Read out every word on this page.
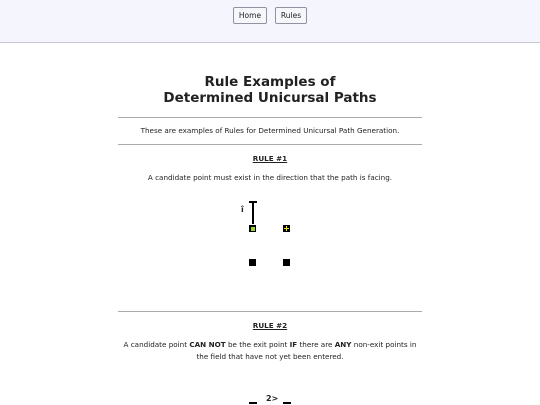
Home	Rules
Rule Examples of
Determined Unicursal Paths
These are examples of Rules for Determined Unicursal Path Generation.
RULE #1
A candidate point must exist in the direction that the path is facing.
î
RULE #2
A candidate point CAN NOT be the exit point IF there are ANY non-exit points in
the field that have not yet been entered.
2>
